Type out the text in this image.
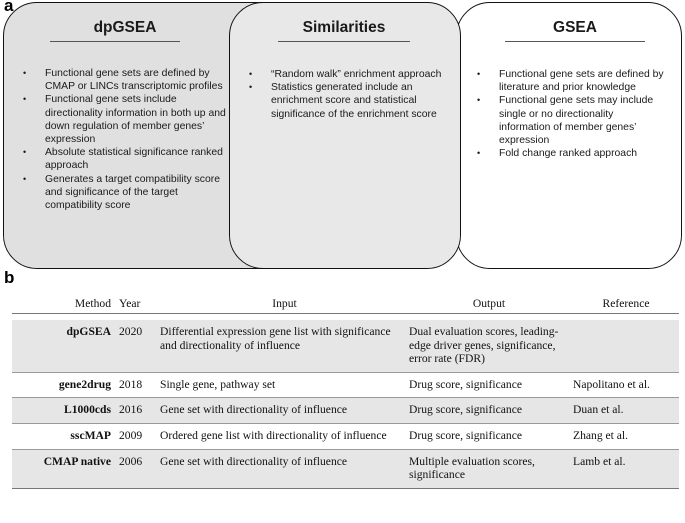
a
dpGSEA
• Functional gene sets are defined by CMAP or LINCs transcriptomic profiles
• Functional gene sets include directionality information in both up and down regulation of member genes’ expression
• Absolute statistical significance ranked approach
• Generates a target compatibility score and significance of the target compatibility score
Similarities
• “Random walk” enrichment approach
• Statistics generated include an enrichment score and statistical significance of the enrichment score
GSEA
• Functional gene sets are defined by literature and prior knowledge
• Functional gene sets may include single or no directionality information of member genes’ expression
• Fold change ranked approach
b
Method	Year	Input	Output	Reference

dpGSEA	2020	Differential expression gene list with significance and directionality of influence	Dual evaluation scores, leading-edge driver genes, significance, error rate (FDR)	
gene2drug	2018	Single gene, pathway set	Drug score, significance	Napolitano et al.
L1000cds	2016	Gene set with directionality of influence	Drug score, significance	Duan et al.
sscMAP	2009	Ordered gene list with directionality of influence	Drug score, significance	Zhang et al.
CMAP native	2006	Gene set with directionality of influence	Multiple evaluation scores, significance	Lamb et al.
